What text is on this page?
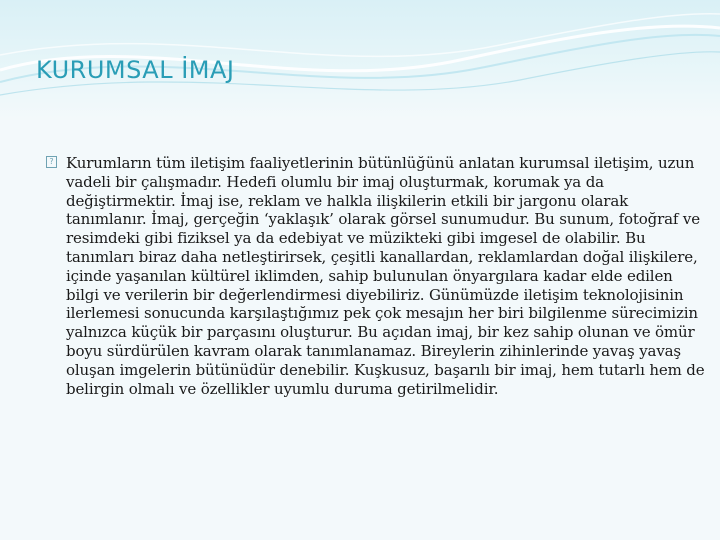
KURUMSAL İMAJ
? Kurumların tüm iletişim faaliyetlerinin bütünlüğünü anlatan kurumsal iletişim, uzun vadeli bir çalışmadır. Hedefi olumlu bir imaj oluşturmak, korumak ya da değiştirmektir. İmaj ise, reklam ve halkla ilişkilerin etkili bir jargonu olarak tanımlanır. İmaj, gerçeğin ‘yaklaşık’ olarak görsel sunumudur. Bu sunum, fotoğraf ve resimdeki gibi fiziksel ya da edebiyat ve müzikteki gibi imgesel de olabilir. Bu tanımları biraz daha netleştirirsek, çeşitli kanallardan, reklamlardan doğal ilişkilere, içinde yaşanılan kültürel iklimden, sahip bulunulan önyargılara kadar elde edilen bilgi ve verilerin bir değerlendirmesi diyebiliriz. Günümüzde iletişim teknolojisinin ilerlemesi sonucunda karşılaştığımız pek çok mesajın her biri bilgilenme sürecimizin yalnızca küçük bir parçasını oluşturur. Bu açıdan imaj, bir kez sahip olunan ve ömür boyu sürdürülen kavram olarak tanımlanamaz. Bireylerin zihinlerinde yavaş yavaş oluşan imgelerin bütünüdür denebilir. Kuşkusuz, başarılı bir imaj, hem tutarlı hem de belirgin olmalı ve özellikler uyumlu duruma getirilmelidir.
